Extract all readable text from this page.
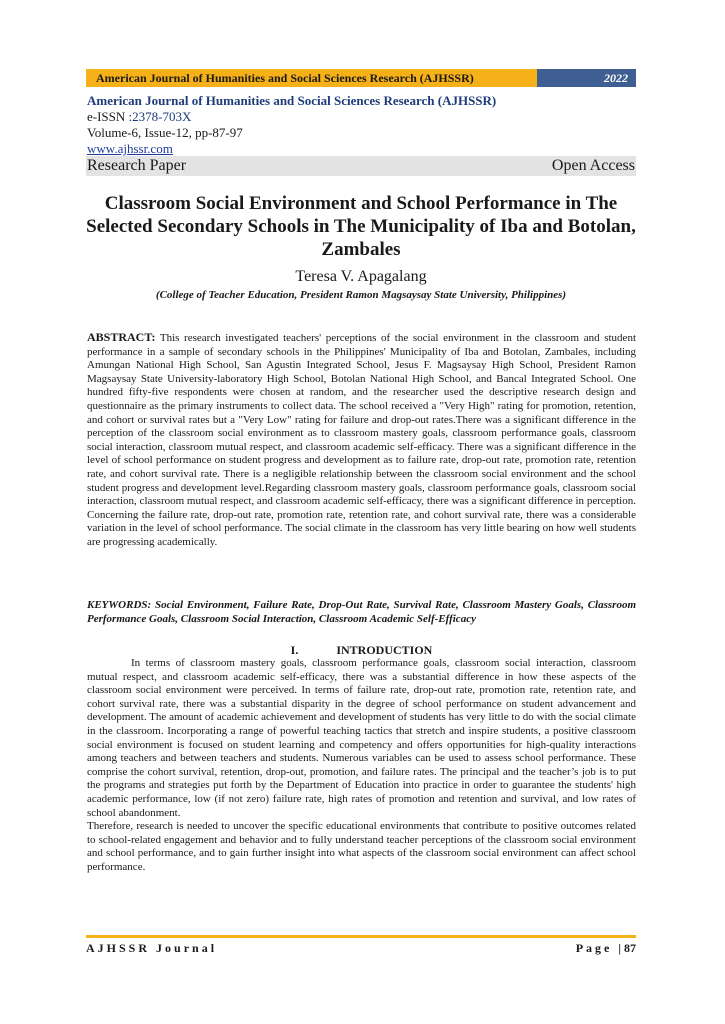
American Journal of Humanities and Social Sciences Research (AJHSSR)	2022
American Journal of Humanities and Social Sciences Research (AJHSSR)
e-ISSN :2378-703X
Volume-6, Issue-12, pp-87-97
www.ajhssr.com
Research Paper	Open Access
Classroom Social Environment and School Performance in The Selected Secondary Schools in The Municipality of Iba and Botolan, Zambales
Teresa V. Apagalang
(College of Teacher Education, President Ramon Magsaysay State University, Philippines)
ABSTRACT: This research investigated teachers' perceptions of the social environment in the classroom and student performance in a sample of secondary schools in the Philippines' Municipality of Iba and Botolan, Zambales, including Amungan National High School, San Agustin Integrated School, Jesus F. Magsaysay High School, President Ramon Magsaysay State University-laboratory High School, Botolan National High School, and Bancal Integrated School. One hundred fifty-five respondents were chosen at random, and the researcher used the descriptive research design and questionnaire as the primary instruments to collect data. The school received a "Very High" rating for promotion, retention, and cohort or survival rates but a "Very Low" rating for failure and drop-out rates.There was a significant difference in the perception of the classroom social environment as to classroom mastery goals, classroom performance goals, classroom social interaction, classroom mutual respect, and classroom academic self-efficacy. There was a significant difference in the level of school performance on student progress and development as to failure rate, drop-out rate, promotion rate, retention rate, and cohort survival rate. There is a negligible relationship between the classroom social environment and the school student progress and development level.Regarding classroom mastery goals, classroom performance goals, classroom social interaction, classroom mutual respect, and classroom academic self-efficacy, there was a significant difference in perception. Concerning the failure rate, drop-out rate, promotion rate, retention rate, and cohort survival rate, there was a considerable variation in the level of school performance. The social climate in the classroom has very little bearing on how well students are progressing academically.
KEYWORDS: Social Environment, Failure Rate, Drop-Out Rate, Survival Rate, Classroom Mastery Goals, Classroom Performance Goals, Classroom Social Interaction, Classroom Academic Self-Efficacy
I.	INTRODUCTION

In terms of classroom mastery goals, classroom performance goals, classroom social interaction, classroom mutual respect, and classroom academic self-efficacy, there was a substantial difference in how these aspects of the classroom social environment were perceived. In terms of failure rate, drop-out rate, promotion rate, retention rate, and cohort survival rate, there was a substantial disparity in the degree of school performance on student advancement and development. The amount of academic achievement and development of students has very little to do with the social climate in the classroom. Incorporating a range of powerful teaching tactics that stretch and inspire students, a positive classroom social environment is focused on student learning and competency and offers opportunities for high-quality interactions among teachers and between teachers and students. Numerous variables can be used to assess school performance. These comprise the cohort survival, retention, drop-out, promotion, and failure rates. The principal and the teacher’s job is to put the programs and strategies put forth by the Department of Education into practice in order to guarantee the students' high academic performance, low (if not zero) failure rate, high rates of promotion and retention and survival, and low rates of school abandonment.

Therefore, research is needed to uncover the specific educational environments that contribute to positive outcomes related to school-related engagement and behavior and to fully understand teacher perceptions of the classroom social environment and school performance, and to gain further insight into what aspects of the classroom social environment can affect school performance.

AJHSSR Journal	Page |87
